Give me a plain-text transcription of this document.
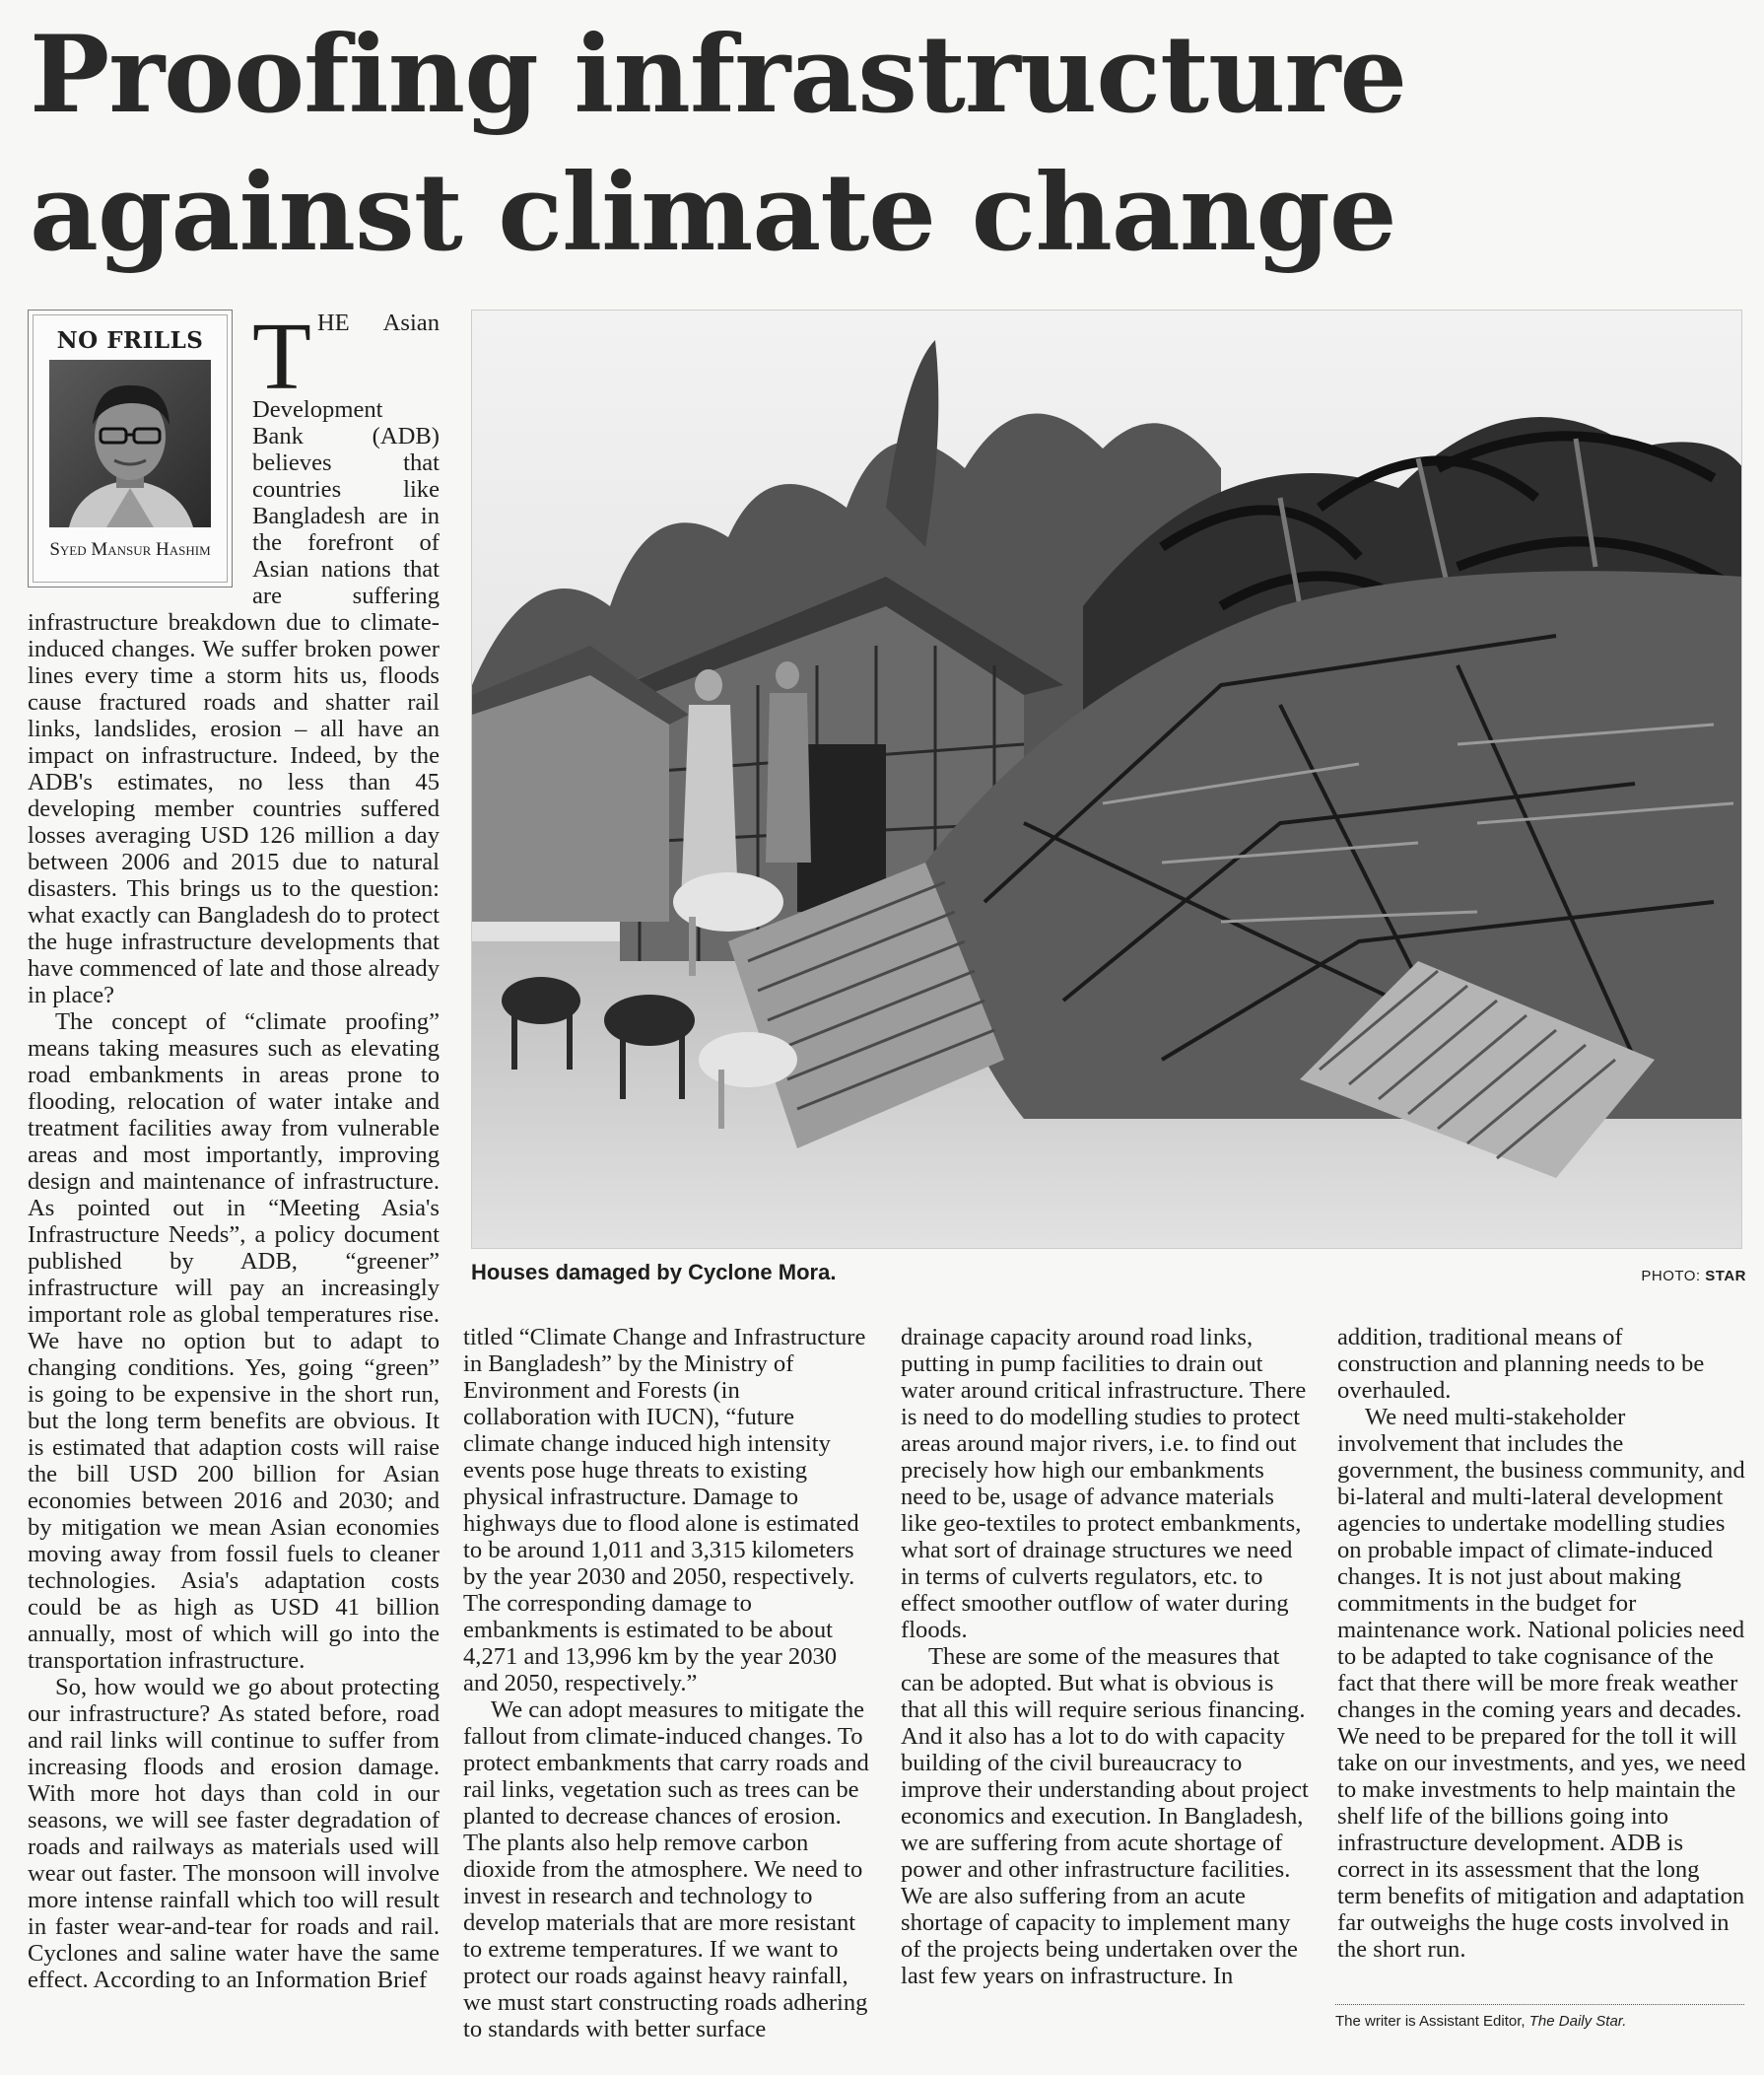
Proofing infrastructure
against climate change
NO FRILLS
Syed Mansur Hashim
T HE Asian Development Bank (ADB) believes that countries like Bangladesh are in the forefront of Asian nations that are suffering infrastructure breakdown due to climate-induced changes. We suffer broken power lines every time a storm hits us, floods cause fractured roads and shatter rail links, landslides, erosion – all have an impact on infrastructure. Indeed, by the ADB's estimates, no less than 45 developing member countries suffered losses averaging USD 126 million a day between 2006 and 2015 due to natural disasters. This brings us to the question: what exactly can Bangladesh do to protect the huge infrastructure developments that have commenced of late and those already in place?

The concept of “climate proofing” means taking measures such as elevating road embankments in areas prone to flooding, relocation of water intake and treatment facilities away from vulnerable areas and most importantly, improving design and maintenance of infrastructure. As pointed out in “Meeting Asia's Infrastructure Needs”, a policy document published by ADB, “greener” infrastructure will pay an increasingly important role as global temperatures rise. We have no option but to adapt to changing conditions. Yes, going “green” is going to be expensive in the short run, but the long term benefits are obvious. It is estimated that adaption costs will raise the bill USD 200 billion for Asian economies between 2016 and 2030; and by mitigation we mean Asian economies moving away from fossil fuels to cleaner technologies. Asia's adaptation costs could be as high as USD 41 billion annually, most of which will go into the transportation infrastructure.

So, how would we go about protecting our infrastructure? As stated before, road and rail links will continue to suffer from increasing floods and erosion damage. With more hot days than cold in our seasons, we will see faster degradation of roads and railways as materials used will wear out faster. The monsoon will involve more intense rainfall which too will result in faster wear-and-tear for roads and rail. Cyclones and saline water have the same effect. According to an Information Brief

Houses damaged by Cyclone Mora.	PHOTO: STAR

titled “Climate Change and Infrastructure in Bangladesh” by the Ministry of Environment and Forests (in collaboration with IUCN), “future climate change induced high intensity events pose huge threats to existing physical infrastructure. Damage to highways due to flood alone is estimated to be around 1,011 and 3,315 kilometers by the year 2030 and 2050, respectively. The corresponding damage to embankments is estimated to be about 4,271 and 13,996 km by the year 2030 and 2050, respectively.”

We can adopt measures to mitigate the fallout from climate-induced changes. To protect embankments that carry roads and rail links, vegetation such as trees can be planted to decrease chances of erosion. The plants also help remove carbon dioxide from the atmosphere. We need to invest in research and technology to develop materials that are more resistant to extreme temperatures. If we want to protect our roads against heavy rainfall, we must start constructing roads adhering to standards with better surface

drainage capacity around road links, putting in pump facilities to drain out water around critical infrastructure. There is need to do modelling studies to protect areas around major rivers, i.e. to find out precisely how high our embankments need to be, usage of advance materials like geo-textiles to protect embankments, what sort of drainage structures we need in terms of culverts regulators, etc. to effect smoother outflow of water during floods.

These are some of the measures that can be adopted. But what is obvious is that all this will require serious financing. And it also has a lot to do with capacity building of the civil bureaucracy to improve their understanding about project economics and execution. In Bangladesh, we are suffering from acute shortage of power and other infrastructure facilities. We are also suffering from an acute shortage of capacity to implement many of the projects being undertaken over the last few years on infrastructure. In

addition, traditional means of construction and planning needs to be overhauled.

We need multi-stakeholder involvement that includes the government, the business community, and bi-lateral and multi-lateral development agencies to undertake modelling studies on probable impact of climate-induced changes. It is not just about making commitments in the budget for maintenance work. National policies need to be adapted to take cognisance of the fact that there will be more freak weather changes in the coming years and decades. We need to be prepared for the toll it will take on our investments, and yes, we need to make investments to help maintain the shelf life of the billions going into infrastructure development. ADB is correct in its assessment that the long term benefits of mitigation and adaptation far outweighs the huge costs involved in the short run.

The writer is Assistant Editor, The Daily Star.
